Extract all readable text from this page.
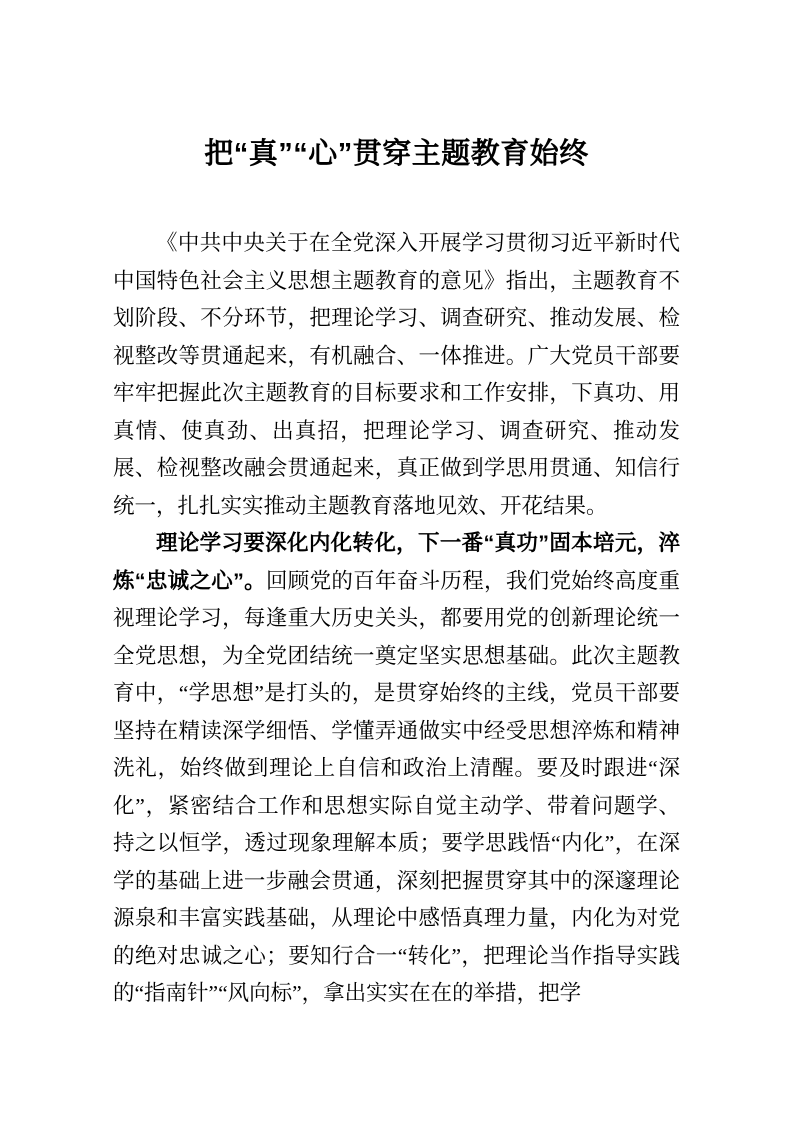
把“真”“心”贯穿主题教育始终

《中共中央关于在全党深入开展学习贯彻习近平新时代中国特色社会主义思想主题教育的意见》指出，主题教育不划阶段、不分环节，把理论学习、调查研究、推动发展、检视整改等贯通起来，有机融合、一体推进。广大党员干部要牢牢把握此次主题教育的目标要求和工作安排，下真功、用真情、使真劲、出真招，把理论学习、调查研究、推动发展、检视整改融会贯通起来，真正做到学思用贯通、知信行统一，扎扎实实推动主题教育落地见效、开花结果。

理论学习要深化内化转化，下一番“真功”固本培元，淬炼“忠诚之心”。回顾党的百年奋斗历程，我们党始终高度重视理论学习，每逢重大历史关头，都要用党的创新理论统一全党思想，为全党团结统一奠定坚实思想基础。此次主题教育中，“学思想”是打头的，是贯穿始终的主线，党员干部要坚持在精读深学细悟、学懂弄通做实中经受思想淬炼和精神洗礼，始终做到理论上自信和政治上清醒。要及时跟进“深化”，紧密结合工作和思想实际自觉主动学、带着问题学、持之以恒学，透过现象理解本质；要学思践悟“内化”，在深学的基础上进一步融会贯通，深刻把握贯穿其中的深邃理论源泉和丰富实践基础，从理论中感悟真理力量，内化为对党的绝对忠诚之心；要知行合一“转化”，把理论当作指导实践的“指南针”“风向标”，拿出实实在在的举措，把学
